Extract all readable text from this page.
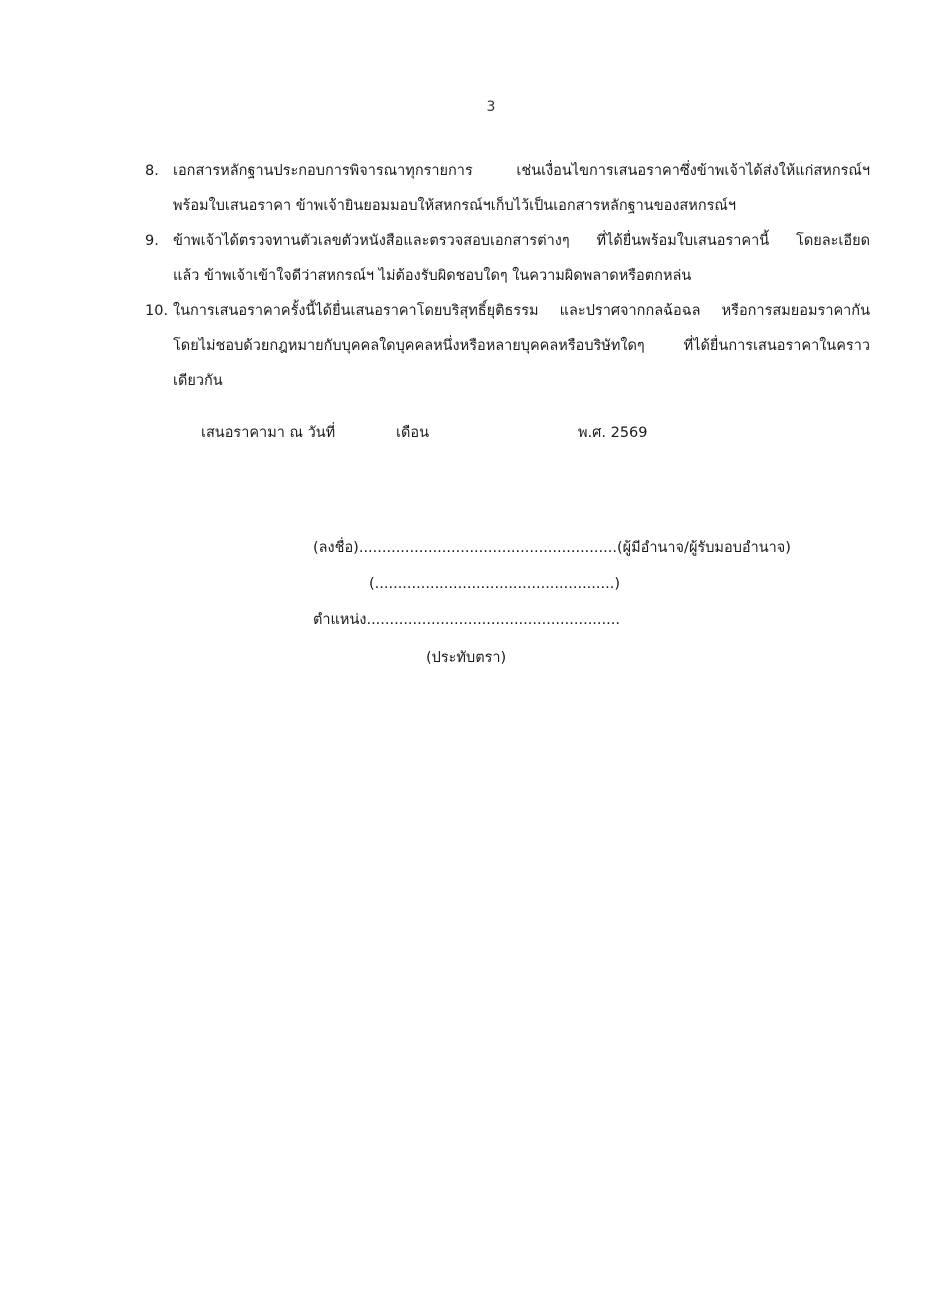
3
8. เอกสารหลักฐานประกอบการพิจารณาทุกรายการ เช่นเงื่อนไขการเสนอราคาซึ่งข้าพเจ้าได้ส่งให้แก่สหกรณ์ฯ
พร้อมใบเสนอราคา ข้าพเจ้ายินยอมมอบให้สหกรณ์ฯเก็บไว้เป็นเอกสารหลักฐานของสหกรณ์ฯ
9. ข้าพเจ้าได้ตรวจทานตัวเลขตัวหนังสือและตรวจสอบเอกสารต่างๆ ที่ได้ยื่นพร้อมใบเสนอราคานี้ โดยละเอียด
แล้ว ข้าพเจ้าเข้าใจดีว่าสหกรณ์ฯ ไม่ต้องรับผิดชอบใดๆ ในความผิดพลาดหรือตกหล่น
10. ในการเสนอราคาครั้งนี้ได้ยื่นเสนอราคาโดยบริสุทธิ์ยุติธรรม และปราศจากกลฉ้อฉล หรือการสมยอมราคากัน
โดยไม่ชอบด้วยกฎหมายกับบุคคลใดบุคคลหนึ่งหรือหลายบุคคลหรือบริษัทใดๆ ที่ได้ยื่นการเสนอราคาในคราว
เดียวกัน
เสนอราคามา ณ วันที่	เดือน	พ.ศ. 2569
(ลงชื่อ)........................................................(ผู้มีอำนาจ/ผู้รับมอบอำนาจ)
(....................................................)
ตำแหน่ง.......................................................
(ประทับตรา)
